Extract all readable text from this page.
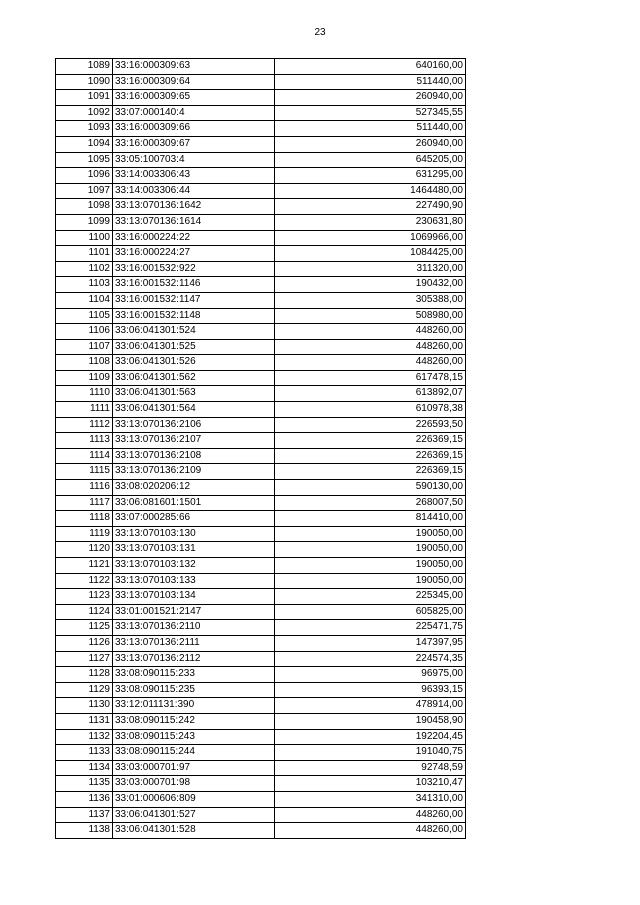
23
1089	33:16:000309:63	640160,00
1090	33:16:000309:64	511440,00
1091	33:16:000309:65	260940,00
1092	33:07:000140:4	527345,55
1093	33:16:000309:66	511440,00
1094	33:16:000309:67	260940,00
1095	33:05:100703:4	645205,00
1096	33:14:003306:43	631295,00
1097	33:14:003306:44	1464480,00
1098	33:13:070136:1642	227490,90
1099	33:13:070136:1614	230631,80
1100	33:16:000224:22	1069966,00
1101	33:16:000224:27	1084425,00
1102	33:16:001532:922	311320,00
1103	33:16:001532:1146	190432,00
1104	33:16:001532:1147	305388,00
1105	33:16:001532:1148	508980,00
1106	33:06:041301:524	448260,00
1107	33:06:041301:525	448260,00
1108	33:06:041301:526	448260,00
1109	33:06:041301:562	617478,15
1110	33:06:041301:563	613892,07
1111	33:06:041301:564	610978,38
1112	33:13:070136:2106	226593,50
1113	33:13:070136:2107	226369,15
1114	33:13:070136:2108	226369,15
1115	33:13:070136:2109	226369,15
1116	33:08:020206:12	590130,00
1117	33:06:081601:1501	268007,50
1118	33:07:000285:66	814410,00
1119	33:13:070103:130	190050,00
1120	33:13:070103:131	190050,00
1121	33:13:070103:132	190050,00
1122	33:13:070103:133	190050,00
1123	33:13:070103:134	225345,00
1124	33:01:001521:2147	605825,00
1125	33:13:070136:2110	225471,75
1126	33:13:070136:2111	147397,95
1127	33:13:070136:2112	224574,35
1128	33:08:090115:233	96975,00
1129	33:08:090115:235	96393,15
1130	33:12:011131:390	478914,00
1131	33:08:090115:242	190458,90
1132	33:08:090115:243	192204,45
1133	33:08:090115:244	191040,75
1134	33:03:000701:97	92748,59
1135	33:03:000701:98	103210,47
1136	33:01:000606:809	341310,00
1137	33:06:041301:527	448260,00
1138	33:06:041301:528	448260,00
